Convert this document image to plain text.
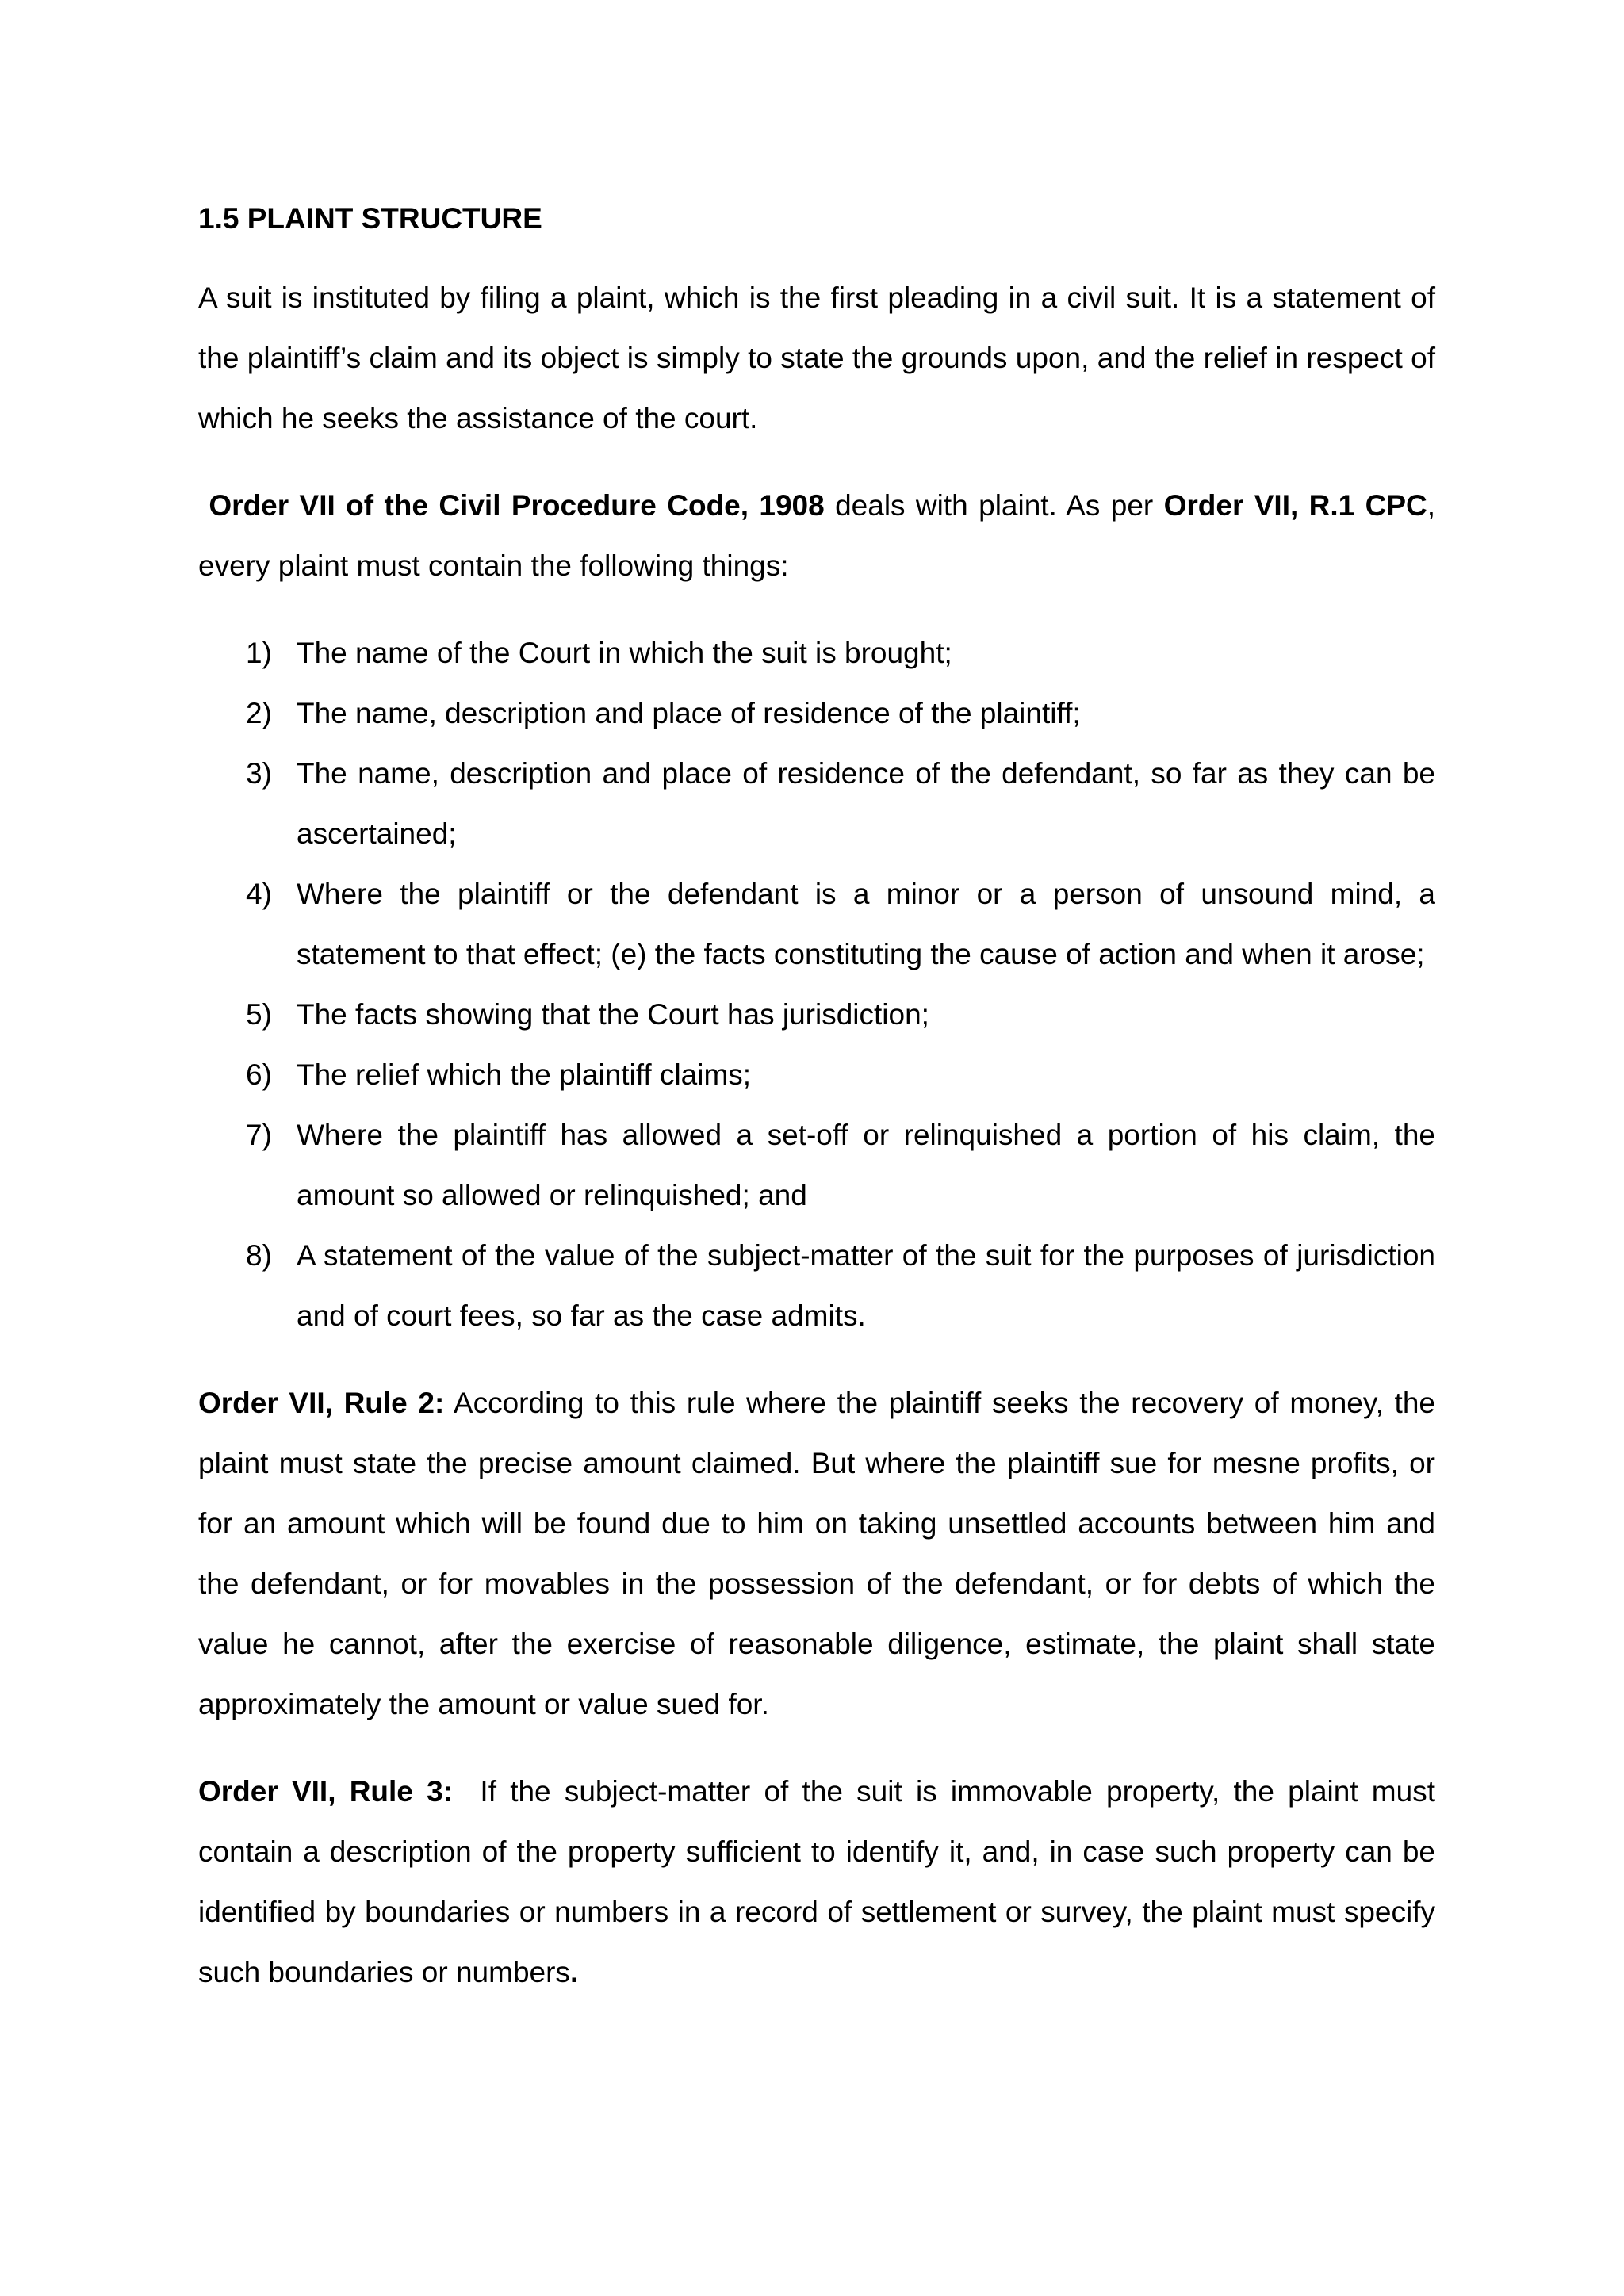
1.5 PLAINT STRUCTURE

A suit is instituted by filing a plaint, which is the first pleading in a civil suit. It is a statement of the plaintiff’s claim and its object is simply to state the grounds upon, and the relief in respect of which he seeks the assistance of the court.

Order VII of the Civil Procedure Code, 1908 deals with plaint. As per Order VII, R.1 CPC, every plaint must contain the following things:

1) The name of the Court in which the suit is brought;
2) The name, description and place of residence of the plaintiff;
3) The name, description and place of residence of the defendant, so far as they can be ascertained;
4) Where the plaintiff or the defendant is a minor or a person of unsound mind, a statement to that effect; (e) the facts constituting the cause of action and when it arose;
5) The facts showing that the Court has jurisdiction;
6) The relief which the plaintiff claims;
7) Where the plaintiff has allowed a set-off or relinquished a portion of his claim, the amount so allowed or relinquished; and
8) A statement of the value of the subject-matter of the suit for the purposes of jurisdiction and of court fees, so far as the case admits.

Order VII, Rule 2: According to this rule where the plaintiff seeks the recovery of money, the plaint must state the precise amount claimed. But where the plaintiff sue for mesne profits, or for an amount which will be found due to him on taking unsettled accounts between him and the defendant, or for movables in the possession of the defendant, or for debts of which the value he cannot, after the exercise of reasonable diligence, estimate, the plaint shall state approximately the amount or value sued for.

Order VII, Rule 3:  If the subject-matter of the suit is immovable property, the plaint must contain a description of the property sufficient to identify it, and, in case such property can be identified by boundaries or numbers in a record of settlement or survey, the plaint must specify such boundaries or numbers.
